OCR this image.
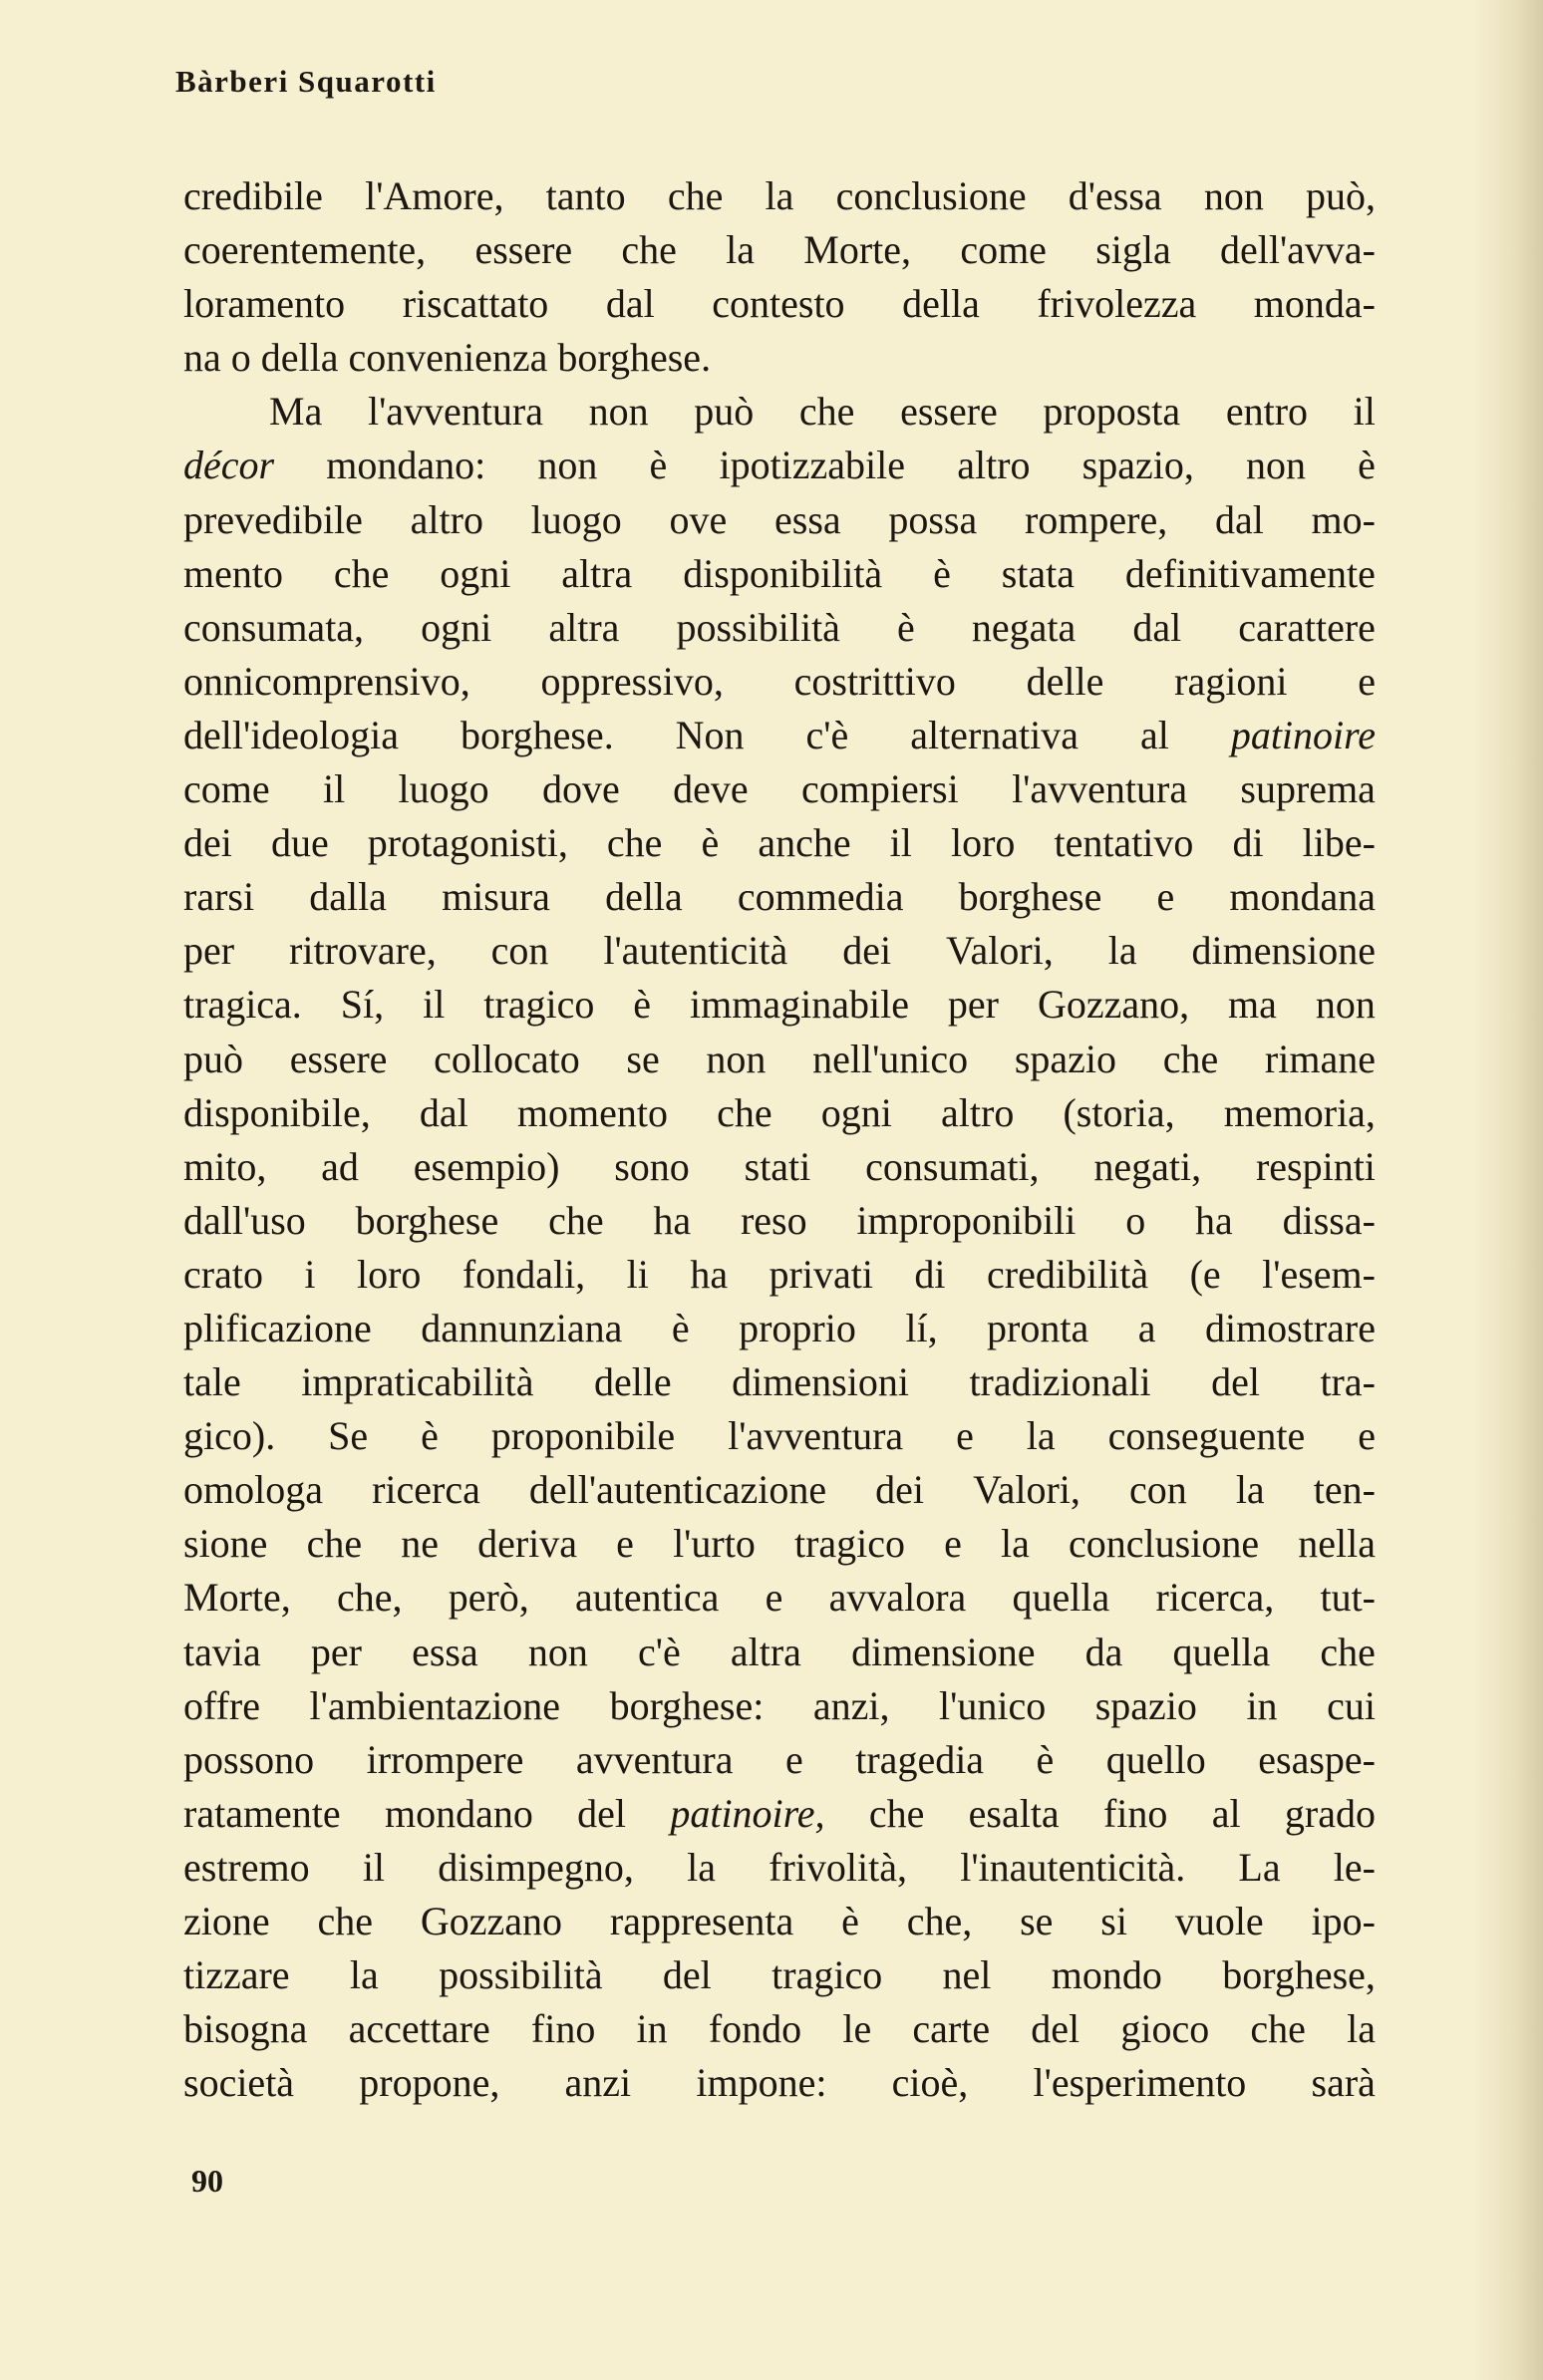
Bàrberi Squarotti
credibile l'Amore, tanto che la conclusione d'essa non può,
coerentemente, essere che la Morte, come sigla dell'avva-
loramento riscattato dal contesto della frivolezza monda-
na
o
della
convenienza
borghese.
Ma l'avventura non può che essere proposta entro il
décor mondano: non è ipotizzabile altro spazio, non è
prevedibile altro luogo ove essa possa rompere, dal mo-
mento che ogni altra disponibilità è stata definitivamente
consumata, ogni altra possibilità è negata dal carattere
onnicomprensivo, oppressivo, costrittivo delle ragioni e
dell'ideologia borghese. Non c'è alternativa al patinoire
come il luogo dove deve compiersi l'avventura suprema
dei due protagonisti, che è anche il loro tentativo di libe-
rarsi dalla misura della commedia borghese e mondana
per ritrovare, con l'autenticità dei Valori, la dimensione
tragica. Sí, il tragico è immaginabile per Gozzano, ma non
può essere collocato se non nell'unico spazio che rimane
disponibile, dal momento che ogni altro (storia, memoria,
mito, ad esempio) sono stati consumati, negati, respinti
dall'uso borghese che ha reso improponibili o ha dissa-
crato i loro fondali, li ha privati di credibilità (e l'esem-
plificazione dannunziana è proprio lí, pronta a dimostrare
tale impraticabilità delle dimensioni tradizionali del tra-
gico). Se è proponibile l'avventura e la conseguente e
omologa ricerca dell'autenticazione dei Valori, con la ten-
sione che ne deriva e l'urto tragico e la conclusione nella
Morte, che, però, autentica e avvalora quella ricerca, tut-
tavia per essa non c'è altra dimensione da quella che
offre l'ambientazione borghese: anzi, l'unico spazio in cui
possono irrompere avventura e tragedia è quello esaspe-
ratamente mondano del patinoire, che esalta fino al grado
estremo il disimpegno, la frivolità, l'inautenticità. La le-
zione che Gozzano rappresenta è che, se si vuole ipo-
tizzare la possibilità del tragico nel mondo borghese,
bisogna accettare fino in fondo le carte del gioco che la
società propone, anzi impone: cioè, l'esperimento sarà
90
